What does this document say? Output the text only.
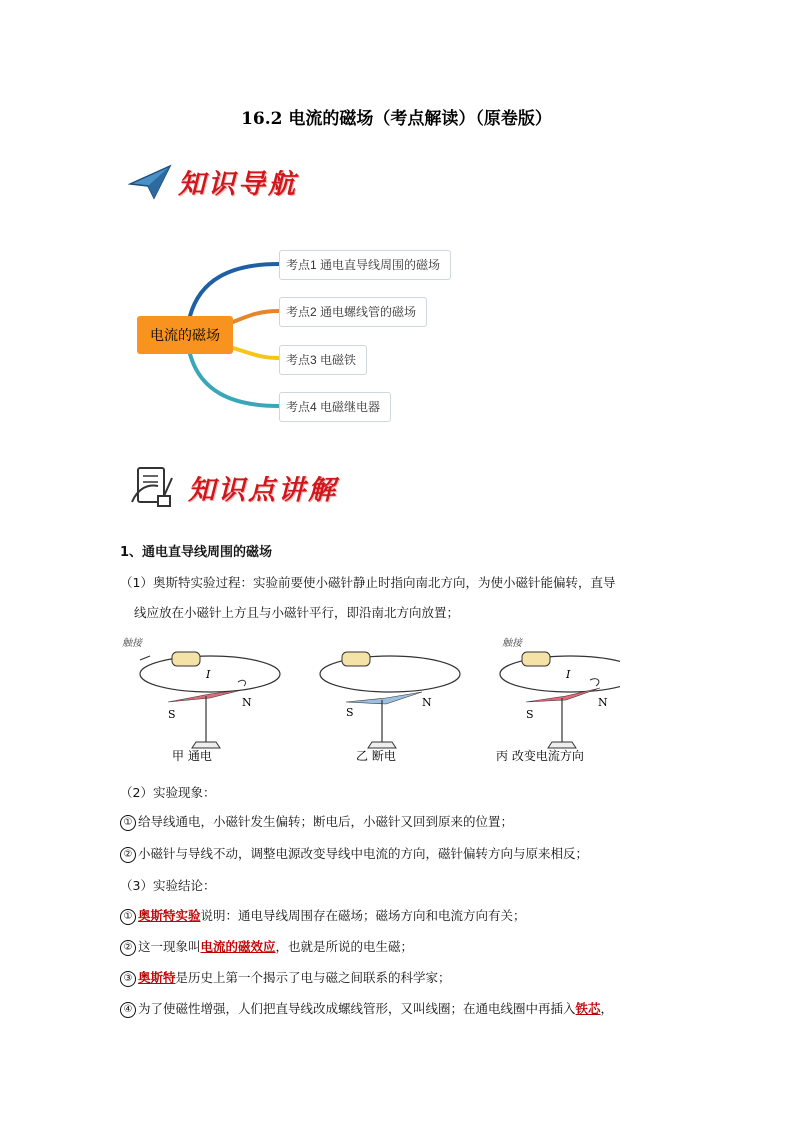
16.2 电流的磁场（考点解读）（原卷版）
知识导航
电流的磁场
考点1 通电直导线周围的磁场
考点2 通电螺线管的磁场
考点3 电磁铁
考点4 电磁继电器
知识点讲解
1、通电直导线周围的磁场
（1）奥斯特实验过程：实验前要使小磁针静止时指向南北方向，为使小磁针能偏转，直导
线应放在小磁针上方且与小磁针平行，即沿南北方向放置；
触接
I
S
N
甲 通电
S
N
乙 断电
触接
I
S
N
丙 改变电流方向
（2）实验现象：
① 给导线通电，小磁针发生偏转；断电后，小磁针又回到原来的位置；
② 小磁针与导线不动，调整电源改变导线中电流的方向，磁针偏转方向与原来相反；
（3）实验结论：
① 奥斯特实验说明：通电导线周围存在磁场；磁场方向和电流方向有关；
② 这一现象叫电流的磁效应，也就是所说的电生磁；
③ 奥斯特是历史上第一个揭示了电与磁之间联系的科学家；
④ 为了使磁性增强，人们把直导线改成螺线管形，又叫线圈；在通电线圈中再插入铁芯，
